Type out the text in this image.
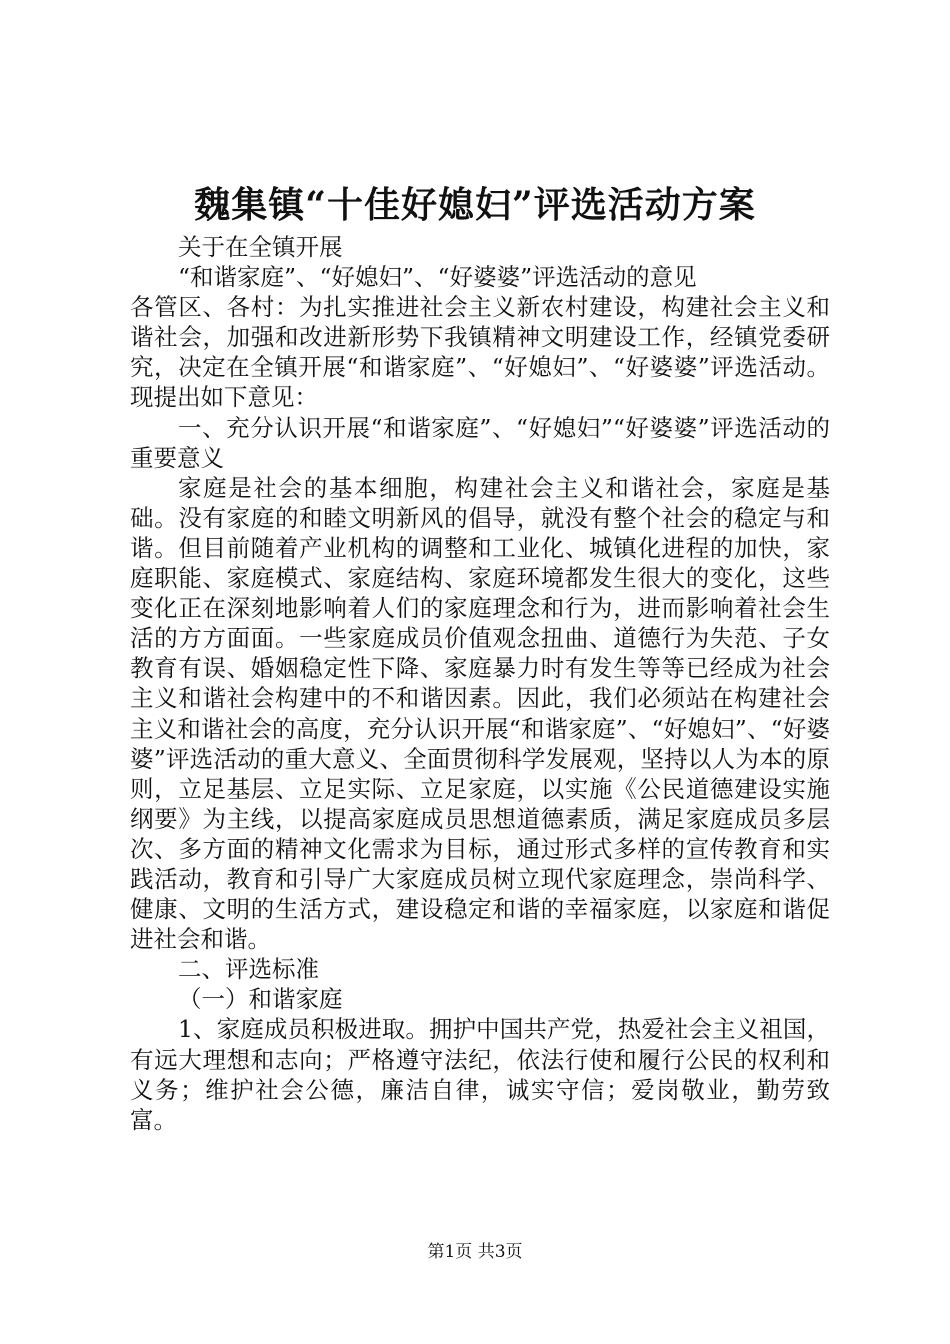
魏集镇“十佳好媳妇”评选活动方案

关于在全镇开展

“和谐家庭”、“好媳妇”、“好婆婆”评选活动的意见

各管区、各村：为扎实推进社会主义新农村建设，构建社会主义和谐社会，加强和改进新形势下我镇精神文明建设工作，经镇党委研究，决定在全镇开展“和谐家庭”、“好媳妇”、“好婆婆”评选活动。现提出如下意见：

一、充分认识开展“和谐家庭”、“好媳妇”“好婆婆”评选活动的重要意义

家庭是社会的基本细胞，构建社会主义和谐社会，家庭是基础。没有家庭的和睦文明新风的倡导，就没有整个社会的稳定与和谐。但目前随着产业机构的调整和工业化、城镇化进程的加快，家庭职能、家庭模式、家庭结构、家庭环境都发生很大的变化，这些变化正在深刻地影响着人们的家庭理念和行为，进而影响着社会生活的方方面面。一些家庭成员价值观念扭曲、道德行为失范、子女教育有误、婚姻稳定性下降、家庭暴力时有发生等等已经成为社会主义和谐社会构建中的不和谐因素。因此，我们必须站在构建社会主义和谐社会的高度，充分认识开展“和谐家庭”、“好媳妇”、“好婆婆”评选活动的重大意义、全面贯彻科学发展观，坚持以人为本的原则，立足基层、立足实际、立足家庭，以实施《公民道德建设实施纲要》为主线，以提高家庭成员思想道德素质，满足家庭成员多层次、多方面的精神文化需求为目标，通过形式多样的宣传教育和实践活动，教育和引导广大家庭成员树立现代家庭理念，崇尚科学、健康、文明的生活方式，建设稳定和谐的幸福家庭，以家庭和谐促进社会和谐。

二、评选标准

（一）和谐家庭

1、家庭成员积极进取。拥护中国共产党，热爱社会主义祖国，有远大理想和志向；严格遵守法纪，依法行使和履行公民的权利和义务；维护社会公德，廉洁自律，诚实守信；爱岗敬业，勤劳致富。

第1页 共3页
